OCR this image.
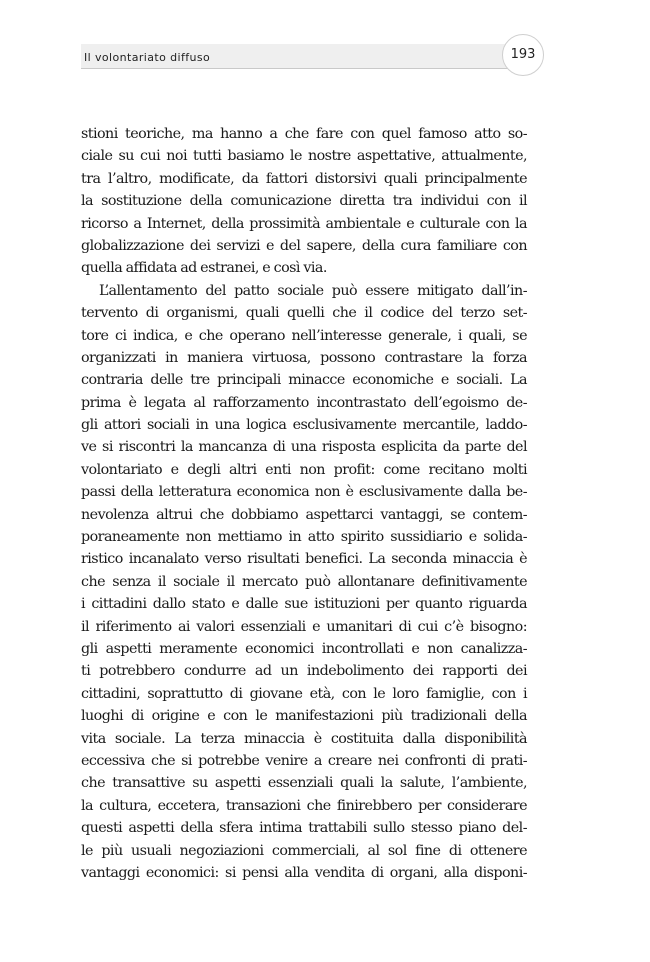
Il volontariato diffuso	193
stioni teoriche, ma hanno a che fare con quel famoso atto so-
ciale su cui noi tutti basiamo le nostre aspettative, attualmente,
tra l’altro, modificate, da fattori distorsivi quali principalmente
la sostituzione della comunicazione diretta tra individui con il
ricorso a Internet, della prossimità ambientale e culturale con la
globalizzazione dei servizi e del sapere, della cura familiare con
quella affidata ad estranei, e così via.
L’allentamento del patto sociale può essere mitigato dall’in-
tervento di organismi, quali quelli che il codice del terzo set-
tore ci indica, e che operano nell’interesse generale, i quali, se
organizzati in maniera virtuosa, possono contrastare la forza
contraria delle tre principali minacce economiche e sociali. La
prima è legata al rafforzamento incontrastato dell’egoismo de-
gli attori sociali in una logica esclusivamente mercantile, laddo-
ve si riscontri la mancanza di una risposta esplicita da parte del
volontariato e degli altri enti non profit: come recitano molti
passi della letteratura economica non è esclusivamente dalla be-
nevolenza altrui che dobbiamo aspettarci vantaggi, se contem-
poraneamente non mettiamo in atto spirito sussidiario e solida-
ristico incanalato verso risultati benefici. La seconda minaccia è
che senza il sociale il mercato può allontanare definitivamente
i cittadini dallo stato e dalle sue istituzioni per quanto riguarda
il riferimento ai valori essenziali e umanitari di cui c’è bisogno:
gli aspetti meramente economici incontrollati e non canalizza-
ti potrebbero condurre ad un indebolimento dei rapporti dei
cittadini, soprattutto di giovane età, con le loro famiglie, con i
luoghi di origine e con le manifestazioni più tradizionali della
vita sociale. La terza minaccia è costituita dalla disponibilità
eccessiva che si potrebbe venire a creare nei confronti di prati-
che transattive su aspetti essenziali quali la salute, l’ambiente,
la cultura, eccetera, transazioni che finirebbero per considerare
questi aspetti della sfera intima trattabili sullo stesso piano del-
le più usuali negoziazioni commerciali, al sol fine di ottenere
vantaggi economici: si pensi alla vendita di organi, alla disponi-
